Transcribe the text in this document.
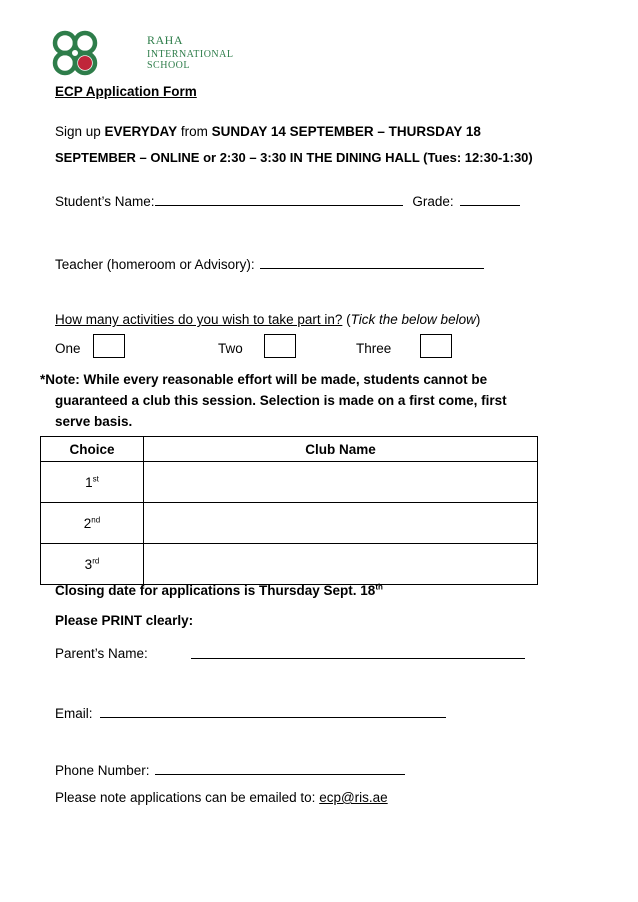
RAHA
INTERNATIONAL
SCHOOL
ECP Application Form
Sign up EVERYDAY from SUNDAY 14 SEPTEMBER – THURSDAY 18
SEPTEMBER – ONLINE or 2:30 – 3:30 IN THE DINING HALL (Tues: 12:30-1:30)
Student’s Name:	Grade:
Teacher (homeroom or Advisory):
How many activities do you wish to take part in? (Tick the below below)
One	Two	Three
*Note: While every reasonable effort will be made, students cannot be
guaranteed a club this session. Selection is made on a first come, first
serve basis.
Choice	Club Name
1st	
2nd	
3rd	
Closing date for applications is Thursday Sept. 18th
Please PRINT clearly:
Parent’s Name:
Email:
Phone Number:
Please note applications can be emailed to: ecp@ris.ae
